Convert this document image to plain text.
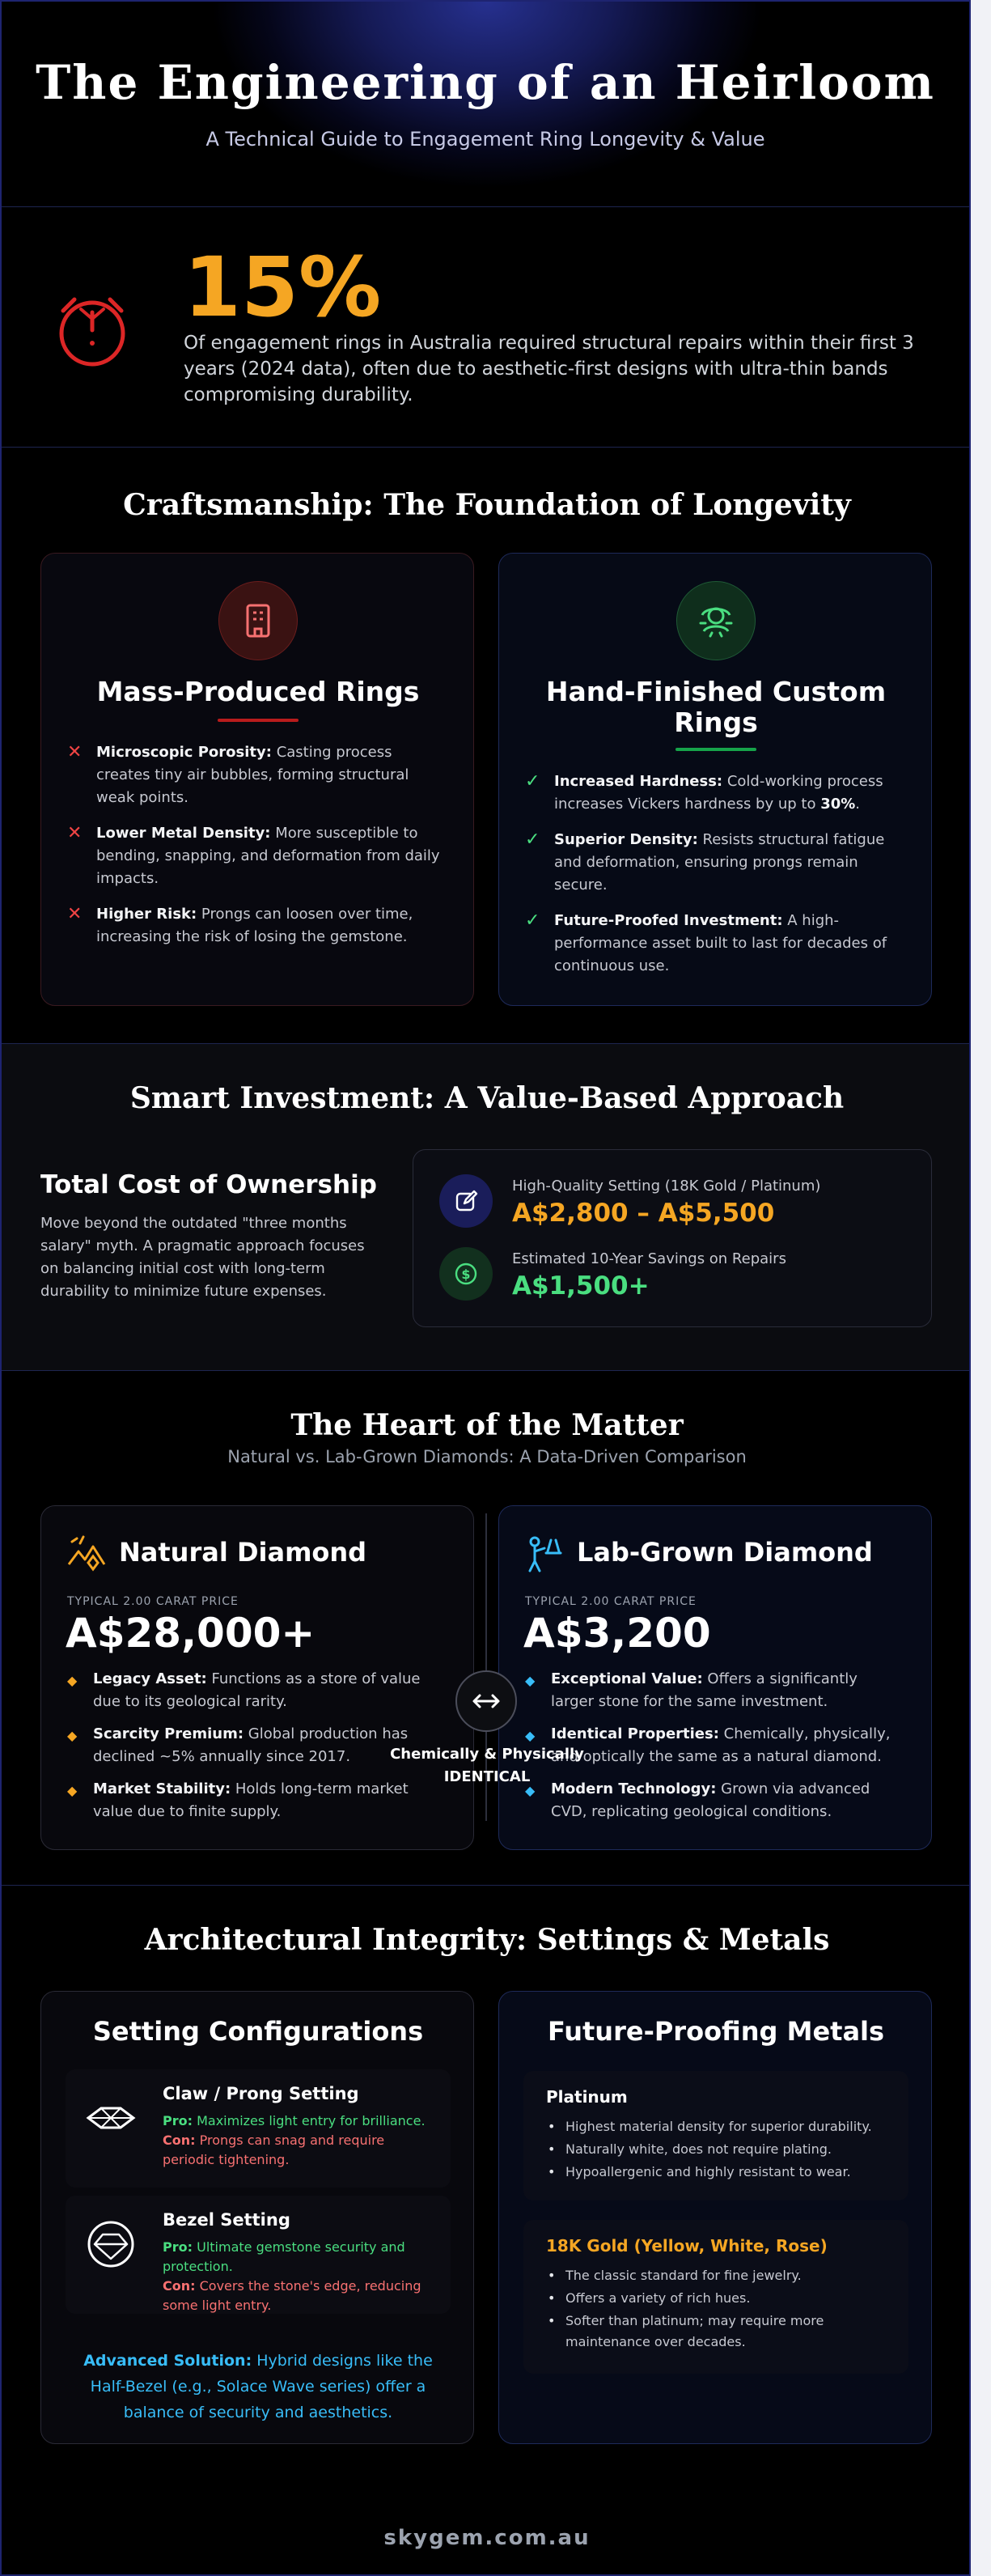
The Engineering of an Heirloom

A Technical Guide to Engagement Ring Longevity & Value

15%
Of engagement rings in Australia required structural repairs within their first 3 years (2024 data), often due to aesthetic-first designs with ultra-thin bands compromising durability.
Craftsmanship: The Foundation of Longevity
Mass-Produced Rings
✕ Microscopic Porosity: Casting process creates tiny air bubbles, forming structural weak points.
✕ Lower Metal Density: More susceptible to bending, snapping, and deformation from daily impacts.
✕ Higher Risk: Prongs can loosen over time, increasing the risk of losing the gemstone.
Hand-Finished Custom
Rings
✓ Increased Hardness: Cold-working process increases Vickers hardness by up to 30%.
✓ Superior Density: Resists structural fatigue and deformation, ensuring prongs remain secure.
✓ Future-Proofed Investment: A high-performance asset built to last for decades of continuous use.
Smart Investment: A Value-Based Approach
Total Cost of Ownership
Move beyond the outdated "three months salary" myth. A pragmatic approach focuses on balancing initial cost with long-term durability to minimize future expenses.
High-Quality Setting (18K Gold / Platinum)
A$2,800 – A$5,500
$
Estimated 10-Year Savings on Repairs
A$1,500+
The Heart of the Matter

Natural vs. Lab-Grown Diamonds: A Data-Driven Comparison

Natural Diamond
TYPICAL 2.00 CARAT PRICE
A$28,000+
◆ Legacy Asset: Functions as a store of value due to its geological rarity.
◆ Scarcity Premium: Global production has declined ~5% annually since 2017.
◆ Market Stability: Holds long-term market value due to finite supply.
Lab-Grown Diamond
TYPICAL 2.00 CARAT PRICE
A$3,200
◆ Exceptional Value: Offers a significantly larger stone for the same investment.
◆ Identical Properties: Chemically, physically, and optically the same as a natural diamond.
◆ Modern Technology: Grown via advanced CVD, replicating geological conditions.
Chemically & Physically
IDENTICAL
Architectural Integrity: Settings & Metals
Setting Configurations
Claw / Prong Setting
Pro: Maximizes light entry for brilliance.
Con: Prongs can snag and require periodic tightening.
Bezel Setting
Pro: Ultimate gemstone security and protection.
Con: Covers the stone's edge, reducing some light entry.
Advanced Solution: Hybrid designs like the Half-Bezel (e.g., Solace Wave series) offer a balance of security and aesthetics.
Future-Proofing Metals
Platinum
• Highest material density for superior durability.
• Naturally white, does not require plating.
• Hypoallergenic and highly resistant to wear.
18K Gold (Yellow, White, Rose)
• The classic standard for fine jewelry.
• Offers a variety of rich hues.
• Softer than platinum; may require more maintenance over decades.
skygem.com.au
